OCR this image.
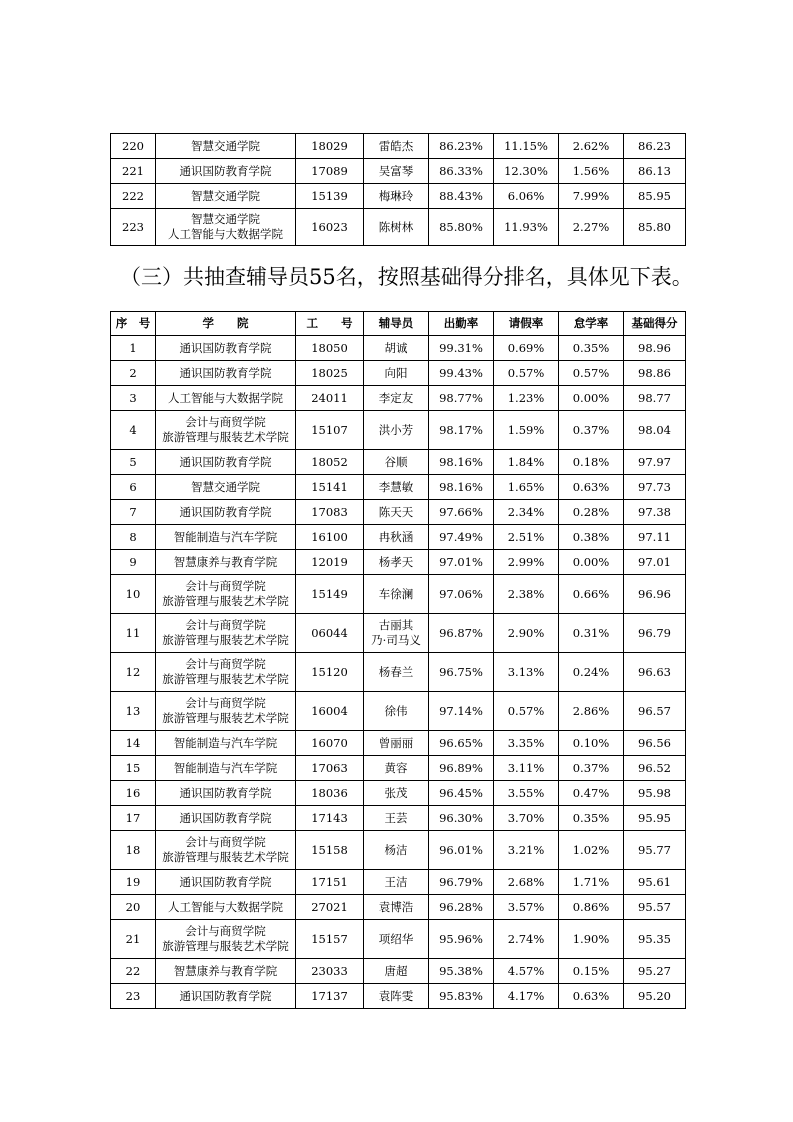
220	智慧交通学院	18029	雷皓杰	86.23%	11.15%	2.62%	86.23
221	通识国防教育学院	17089	吴富琴	86.33%	12.30%	1.56%	86.13
222	智慧交通学院	15139	梅琳玲	88.43%	6.06%	7.99%	85.95
223	智慧交通学院
人工智能与大数据学院	16023	陈树林	85.80%	11.93%	2.27%	85.80
（三）共抽查辅导员55名，按照基础得分排名，具体见下表。
序　号	学　　院	工　　号	辅导员	出勤率	请假率	怠学率	基础得分
1	通识国防教育学院	18050	胡诚	99.31%	0.69%	0.35%	98.96
2	通识国防教育学院	18025	向阳	99.43%	0.57%	0.57%	98.86
3	人工智能与大数据学院	24011	李定友	98.77%	1.23%	0.00%	98.77
4	会计与商贸学院
旅游管理与服装艺术学院	15107	洪小芳	98.17%	1.59%	0.37%	98.04
5	通识国防教育学院	18052	谷顺	98.16%	1.84%	0.18%	97.97
6	智慧交通学院	15141	李慧敏	98.16%	1.65%	0.63%	97.73
7	通识国防教育学院	17083	陈天天	97.66%	2.34%	0.28%	97.38
8	智能制造与汽车学院	16100	冉秋涵	97.49%	2.51%	0.38%	97.11
9	智慧康养与教育学院	12019	杨孝天	97.01%	2.99%	0.00%	97.01
10	会计与商贸学院
旅游管理与服装艺术学院	15149	车徐澜	97.06%	2.38%	0.66%	96.96
11	会计与商贸学院
旅游管理与服装艺术学院	06044	古丽其
乃·司马义	96.87%	2.90%	0.31%	96.79
12	会计与商贸学院
旅游管理与服装艺术学院	15120	杨春兰	96.75%	3.13%	0.24%	96.63
13	会计与商贸学院
旅游管理与服装艺术学院	16004	徐伟	97.14%	0.57%	2.86%	96.57
14	智能制造与汽车学院	16070	曾丽丽	96.65%	3.35%	0.10%	96.56
15	智能制造与汽车学院	17063	黄容	96.89%	3.11%	0.37%	96.52
16	通识国防教育学院	18036	张茂	96.45%	3.55%	0.47%	95.98
17	通识国防教育学院	17143	王芸	96.30%	3.70%	0.35%	95.95
18	会计与商贸学院
旅游管理与服装艺术学院	15158	杨洁	96.01%	3.21%	1.02%	95.77
19	通识国防教育学院	17151	王洁	96.79%	2.68%	1.71%	95.61
20	人工智能与大数据学院	27021	袁博浩	96.28%	3.57%	0.86%	95.57
21	会计与商贸学院
旅游管理与服装艺术学院	15157	项绍华	95.96%	2.74%	1.90%	95.35
22	智慧康养与教育学院	23033	唐超	95.38%	4.57%	0.15%	95.27
23	通识国防教育学院	17137	袁阵雯	95.83%	4.17%	0.63%	95.20
